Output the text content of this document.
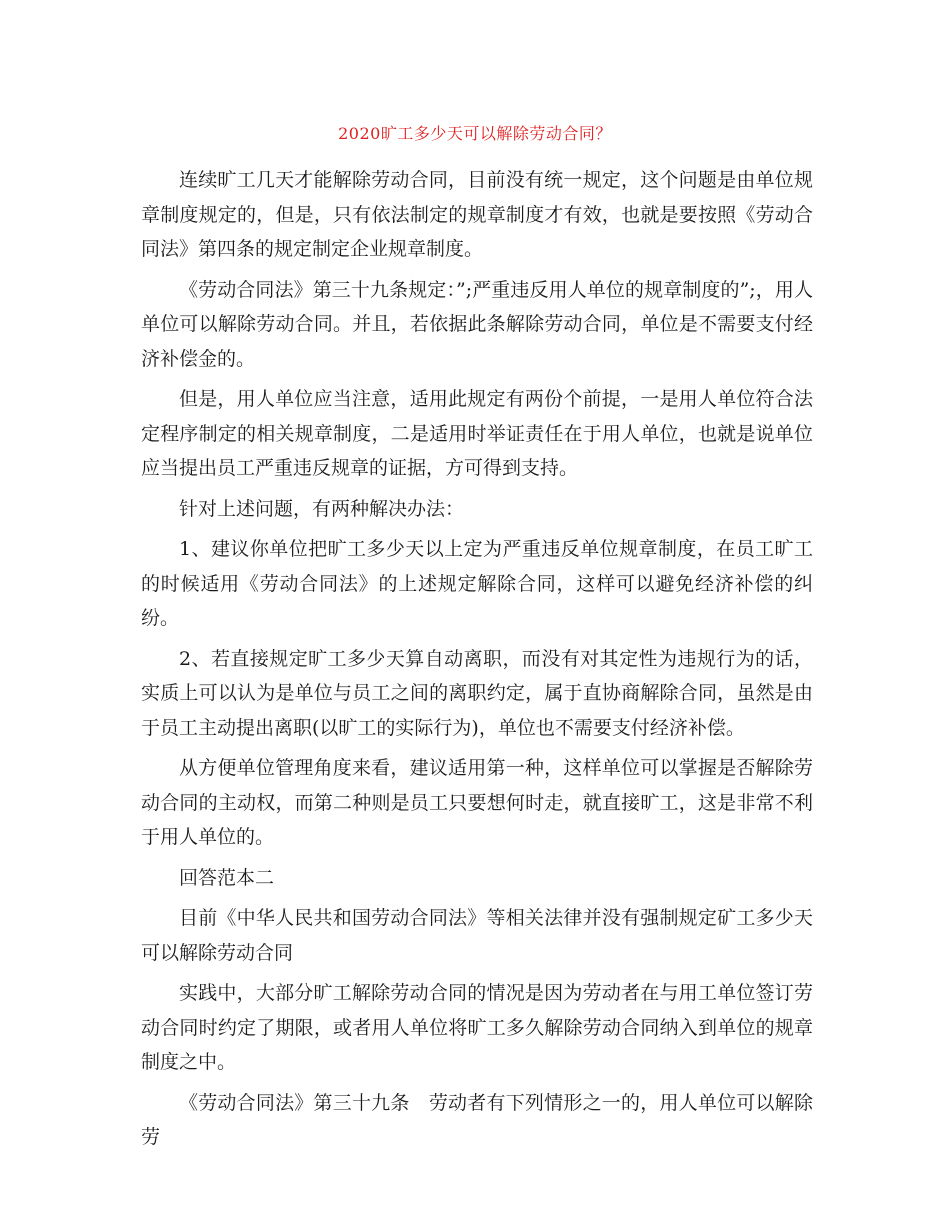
2020旷工多少天可以解除劳动合同？

连续旷工几天才能解除劳动合同，目前没有统一规定，这个问题是由单位规章制度规定的，但是，只有依法制定的规章制度才有效，也就是要按照《劳动合同法》第四条的规定制定企业规章制度。

《劳动合同法》第三十九条规定：”;严重违反用人单位的规章制度的”;，用人单位可以解除劳动合同。并且，若依据此条解除劳动合同，单位是不需要支付经济补偿金的。

但是，用人单位应当注意，适用此规定有两份个前提，一是用人单位符合法定程序制定的相关规章制度，二是适用时举证责任在于用人单位，也就是说单位应当提出员工严重违反规章的证据，方可得到支持。

针对上述问题，有两种解决办法：

1、建议你单位把旷工多少天以上定为严重违反单位规章制度，在员工旷工的时候适用《劳动合同法》的上述规定解除合同，这样可以避免经济补偿的纠纷。

2、若直接规定旷工多少天算自动离职，而没有对其定性为违规行为的话，实质上可以认为是单位与员工之间的离职约定，属于直协商解除合同，虽然是由于员工主动提出离职(以旷工的实际行为)，单位也不需要支付经济补偿。

从方便单位管理角度来看，建议适用第一种，这样单位可以掌握是否解除劳动合同的主动权，而第二种则是员工只要想何时走，就直接旷工，这是非常不利于用人单位的。

回答范本二

目前《中华人民共和国劳动合同法》等相关法律并没有强制规定矿工多少天可以解除劳动合同

实践中，大部分旷工解除劳动合同的情况是因为劳动者在与用工单位签订劳动合同时约定了期限，或者用人单位将旷工多久解除劳动合同纳入到单位的规章制度之中。

《劳动合同法》第三十九条　劳动者有下列情形之一的，用人单位可以解除劳
